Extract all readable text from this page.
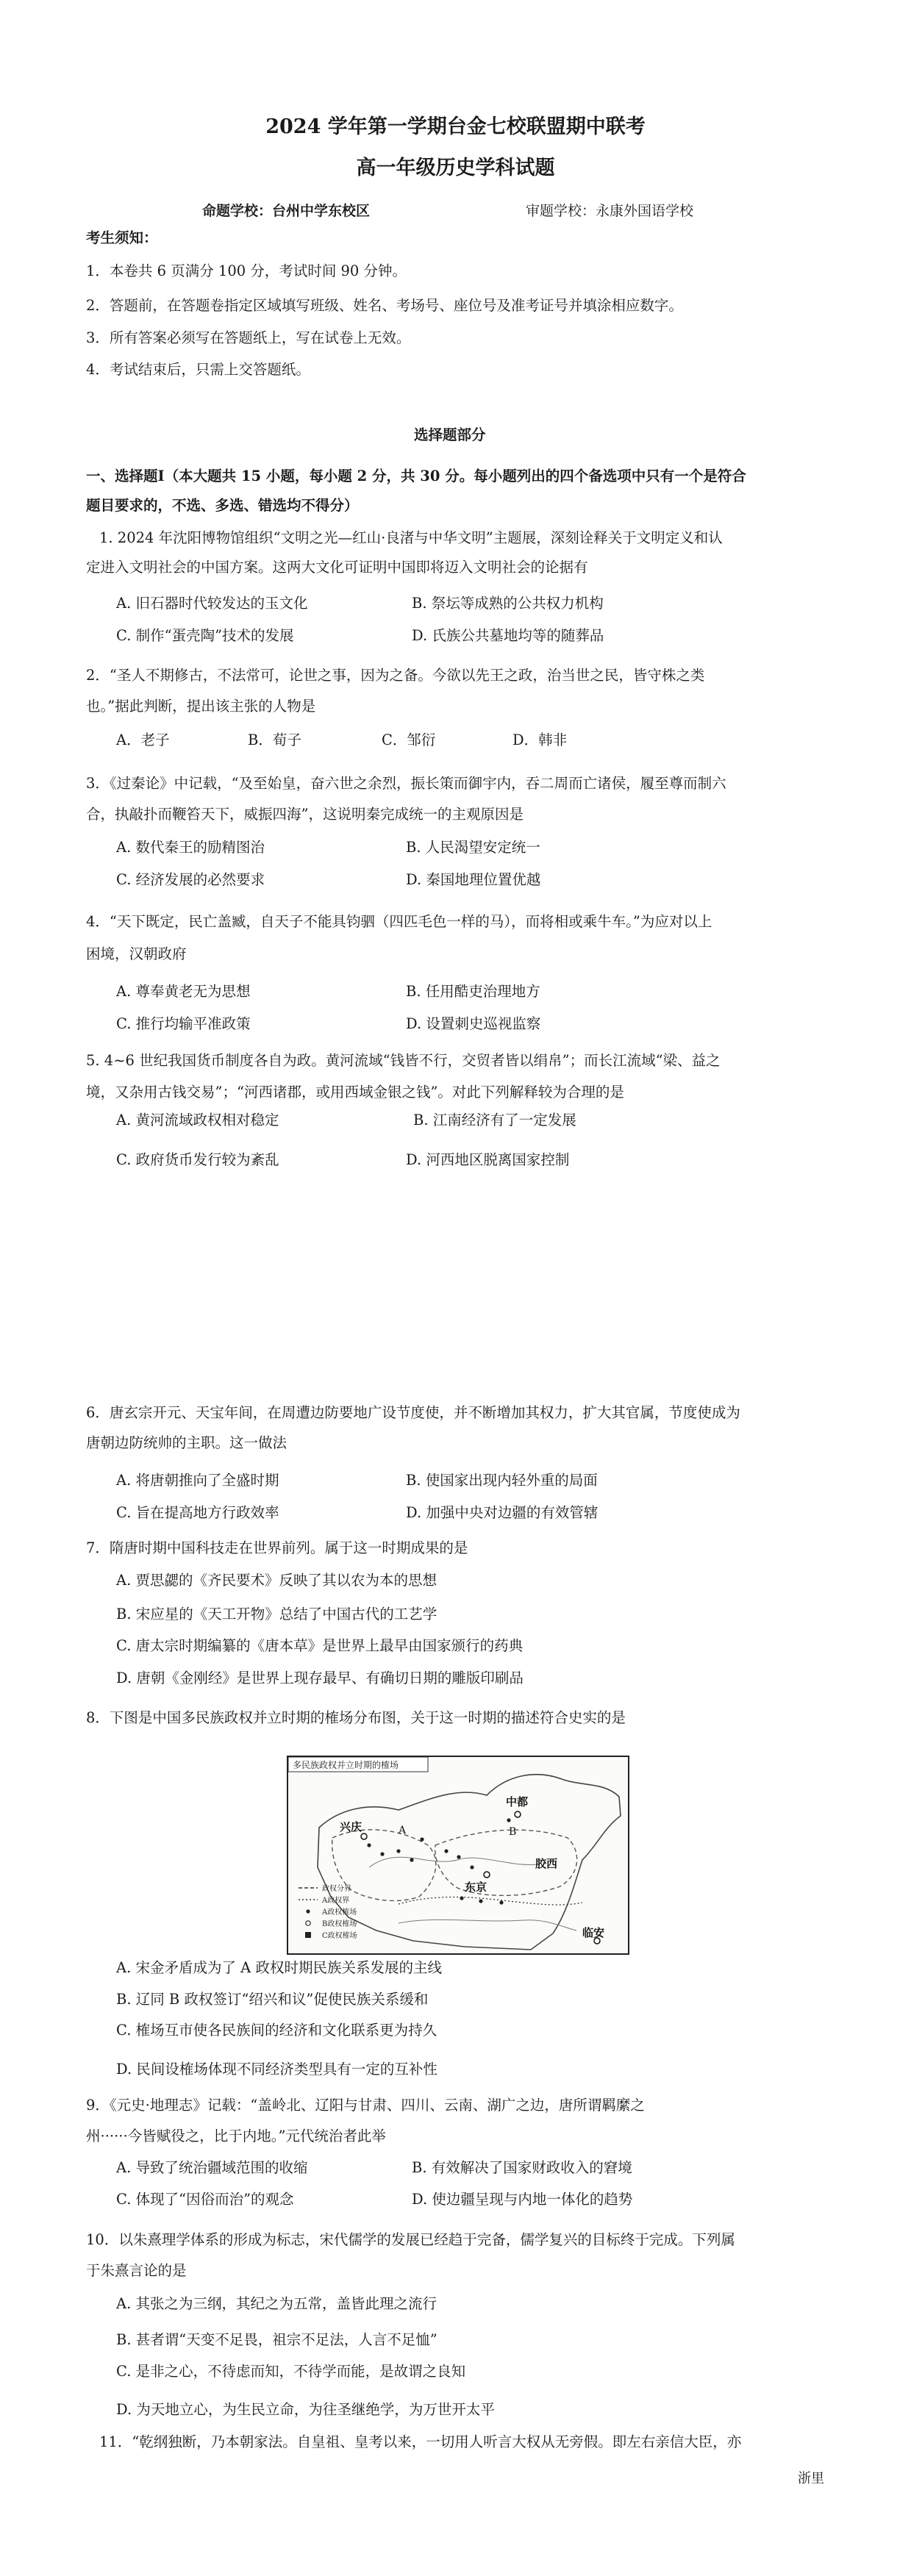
2024 学年第一学期台金七校联盟期中联考
高一年级历史学科试题
命题学校：台州中学东校区	审题学校：永康外国语学校
考生须知：
1．本卷共 6 页满分 100 分，考试时间 90 分钟。
2．答题前，在答题卷指定区域填写班级、姓名、考场号、座位号及准考证号并填涂相应数字。
3．所有答案必须写在答题纸上，写在试卷上无效。
4．考试结束后，只需上交答题纸。
选择题部分
一、选择题Ⅰ（本大题共 15 小题，每小题 2 分，共 30 分。每小题列出的四个备选项中只有一个是符合
题目要求的，不选、多选、错选均不得分）
1. 2024 年沈阳博物馆组织“文明之光—红山·良渚与中华文明”主题展，深刻诠释关于文明定义和认
定进入文明社会的中国方案。这两大文化可证明中国即将迈入文明社会的论据有
A. 旧石器时代较发达的玉文化	B. 祭坛等成熟的公共权力机构
C. 制作“蛋壳陶”技术的发展	D. 氏族公共墓地均等的随葬品
2．“圣人不期修古，不法常可，论世之事，因为之备。今欲以先王之政，治当世之民，皆守株之类
也。”据此判断，提出该主张的人物是
A．老子	B．荀子	C．邹衍	D．韩非
3．《过秦论》中记载，“及至始皇，奋六世之余烈，振长策而御宇内，吞二周而亡诸侯，履至尊而制六
合，执敲扑而鞭笞天下，威振四海”，这说明秦完成统一的主观原因是
A. 数代秦王的励精图治	B. 人民渴望安定统一
C. 经济发展的必然要求	D. 秦国地理位置优越
4．“天下既定，民亡盖臧，自天子不能具钧驷（四匹毛色一样的马），而将相或乘牛车。”为应对以上
困境，汉朝政府
A. 尊奉黄老无为思想	B. 任用酷吏治理地方
C. 推行均输平准政策	D. 设置刺史巡视监察
5. 4~6 世纪我国货币制度各自为政。黄河流域“钱皆不行，交贸者皆以绢帛”；而长江流域“梁、益之
境，又杂用古钱交易”；“河西诸郡，或用西域金银之钱”。对此下列解释较为合理的是
A. 黄河流域政权相对稳定	B. 江南经济有了一定发展
C. 政府货币发行较为紊乱	D. 河西地区脱离国家控制
6．唐玄宗开元、天宝年间，在周遭边防要地广设节度使，并不断增加其权力，扩大其官属，节度使成为
唐朝边防统帅的主职。这一做法
A. 将唐朝推向了全盛时期	B. 使国家出现内轻外重的局面
C. 旨在提高地方行政效率	D. 加强中央对边疆的有效管辖
7．隋唐时期中国科技走在世界前列。属于这一时期成果的是
A. 贾思勰的《齐民要术》反映了其以农为本的思想
B. 宋应星的《天工开物》总结了中国古代的工艺学
C. 唐太宗时期编纂的《唐本草》是世界上最早由国家颁行的药典
D. 唐朝《金刚经》是世界上现存最早、有确切日期的雕版印刷品
8．下图是中国多民族政权并立时期的榷场分布图，关于这一时期的描述符合史实的是
多民族政权并立时期的榷场
兴庆
中都
B
A
胶西
东京
临安
政权分界
A政权界
A政权榷场
B政权榷场
C政权榷场
A. 宋金矛盾成为了 A 政权时期民族关系发展的主线
B. 辽同 B 政权签订“绍兴和议”促使民族关系缓和
C. 榷场互市使各民族间的经济和文化联系更为持久
D. 民间设榷场体现不同经济类型具有一定的互补性
9．《元史·地理志》记载：“盖岭北、辽阳与甘肃、四川、云南、湖广之边，唐所谓羁縻之
州······今皆赋役之，比于内地。”元代统治者此举
A. 导致了统治疆域范围的收缩	B. 有效解决了国家财政收入的窘境
C. 体现了“因俗而治”的观念	D. 使边疆呈现与内地一体化的趋势
10．以朱熹理学体系的形成为标志，宋代儒学的发展已经趋于完备，儒学复兴的目标终于完成。下列属
于朱熹言论的是
A. 其张之为三纲，其纪之为五常，盖皆此理之流行
B. 甚者谓“天变不足畏，祖宗不足法，人言不足恤”
C. 是非之心，不待虑而知，不待学而能，是故谓之良知
D. 为天地立心，为生民立命，为往圣继绝学，为万世开太平
11．“乾纲独断，乃本朝家法。自皇祖、皇考以来，一切用人听言大权从无旁假。即左右亲信大臣，亦
浙里
